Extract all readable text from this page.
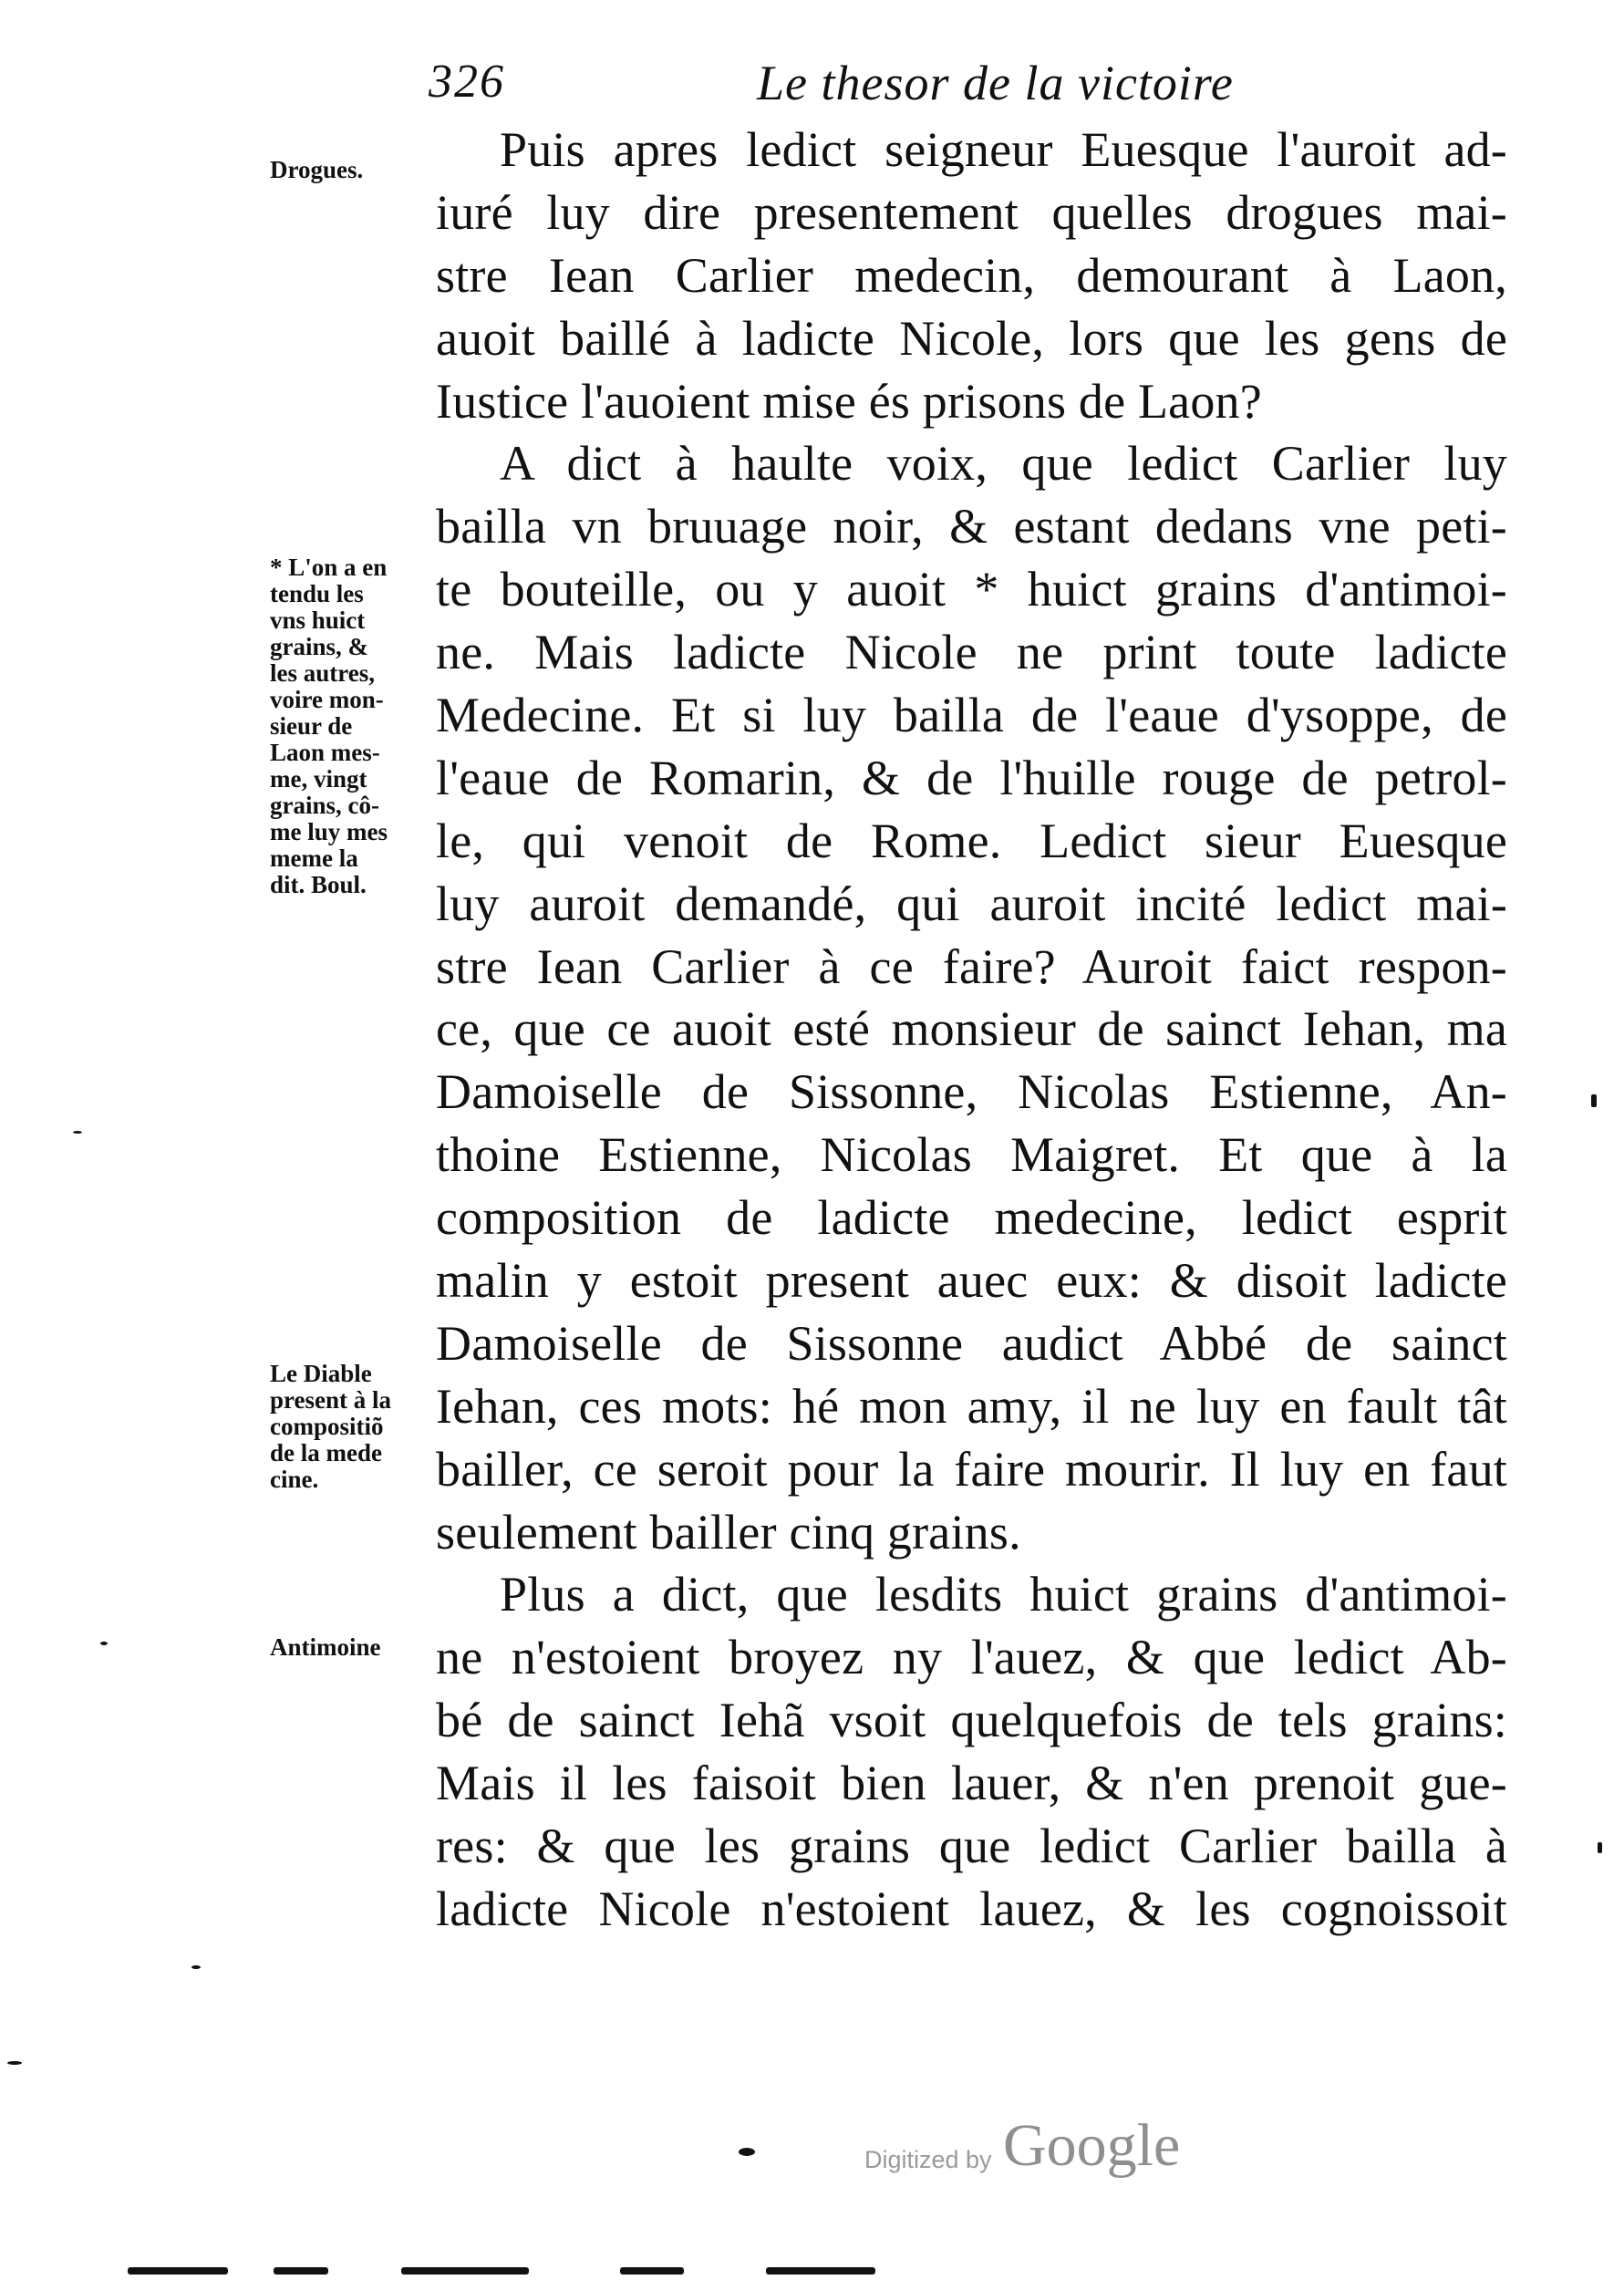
326	Le thesor de la victoire
Drogues.
* L'on a en
tendu les
vns huict
grains, &
les autres,
voire mon-
sieur de
Laon mes-
me, vingt
grains, cô-
me luy mes
meme la
dit. Boul.
Le Diable
present à la
compositiõ
de la mede
cine.
Antimoine
Puis apres ledict seigneur Euesque l'auroit ad-
iuré luy dire presentement quelles drogues mai-
stre Iean Carlier medecin, demourant à Laon,
auoit baillé à ladicte Nicole, lors que les gens de
Iustice l'auoient mise és prisons de Laon?
A dict à haulte voix, que ledict Carlier luy
bailla vn bruuage noir, & estant dedans vne peti-
te bouteille, ou y auoit * huict grains d'antimoi-
ne. Mais ladicte Nicole ne print toute ladicte
Medecine. Et si luy bailla de l'eaue d'ysoppe, de
l'eaue de Romarin, & de l'huille rouge de petrol-
le, qui venoit de Rome. Ledict sieur Euesque
luy auroit demandé, qui auroit incité ledict mai-
stre Iean Carlier à ce faire? Auroit faict respon-
ce, que ce auoit esté monsieur de sainct Iehan, ma
Damoiselle de Sissonne, Nicolas Estienne, An-
thoine Estienne, Nicolas Maigret. Et que à la
composition de ladicte medecine, ledict esprit
malin y estoit present auec eux: & disoit ladicte
Damoiselle de Sissonne audict Abbé de sainct
Iehan, ces mots: hé mon amy, il ne luy en fault tât
bailler, ce seroit pour la faire mourir. Il luy en faut
seulement bailler cinq grains.
Plus a dict, que lesdits huict grains d'antimoi-
ne n'estoient broyez ny l'auez, & que ledict Ab-
bé de sainct Iehã vsoit quelquefois de tels grains:
Mais il les faisoit bien lauer, & n'en prenoit gue-
res: & que les grains que ledict Carlier bailla à
ladicte Nicole n'estoient lauez, & les cognoissoit
Digitized by Google
